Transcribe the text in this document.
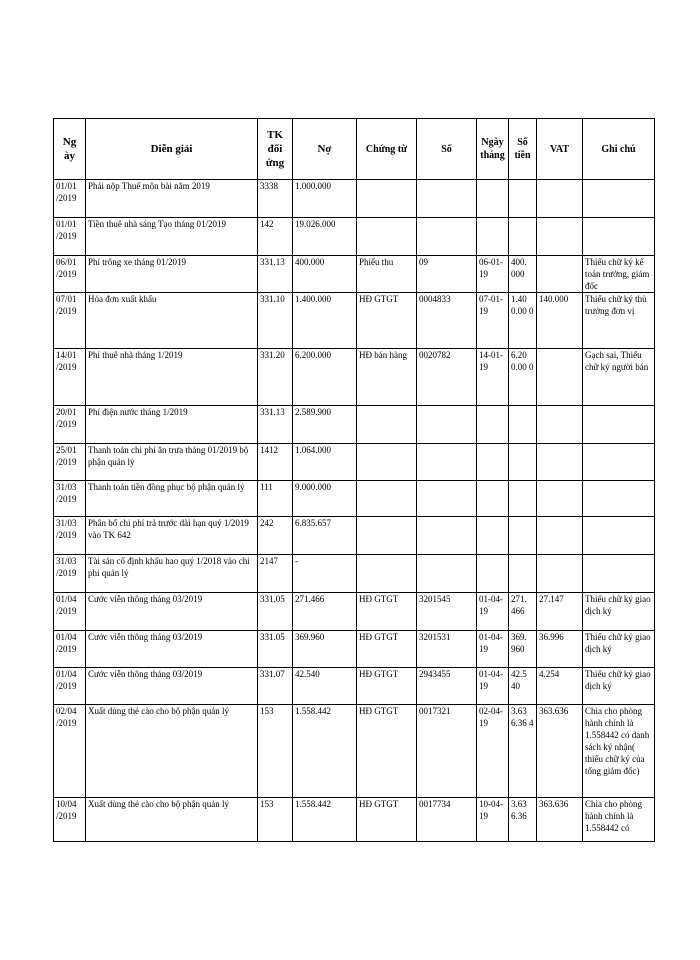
Ng ày	Diễn giải	TK đối ứng	Nợ	Chứng từ	Số	Ngày tháng	Số tiền	VAT	Ghi chú
01/01 /2019	Phải nộp Thuế môn bài năm 2019	3338	1.000.000						
01/01 /2019	Tiền thuê nhà sáng Tạo tháng 01/2019	142	19.026.000						
06/01 /2019	Phí trông xe tháng 01/2019	331.13	400.000	Phiếu thu	09	06-01-19	400. 000		Thiếu chữ ký kế toán trưởng, giám đốc
07/01 /2019	Hóa đơn xuất khẩu	331.10	1.400.000	HĐ GTGT	0004833	07-01-19	1.40 0.00 0	140.000	Thiếu chữ ký thủ trưởng đơn vị
14/01 /2019	Phí thuê nhà tháng 1/2019	331.20	6.200.000	HĐ bán hàng	0020782	14-01-19	6.20 0.00 0		Gạch sai, Thiếu chữ ký người bán
20/01 /2019	Phí điện nước tháng 1/2019	331.13	2.589.900						
25/01 /2019	Thanh toán chi phí ăn trưa tháng 01/2019 bộ phận quản lý	1412	1.064.000						
31/03 /2019	Thanh toán tiền đồng phục bộ phận quản lý	111	9.000.000						
31/03 /2019	Phân bổ chi phí trả trước dài hạn quý 1/2019 vào TK 642	242	6.835.657						
31/03 /2019	Tài sản cố định khấu hao quý 1/2018 vào chi phí quản lý	2147	-						
01/04 /2019	Cước viễn thông tháng 03/2019	331.05	271.466	HĐ GTGT	3201545	01-04-19	271. 466	27.147	Thiếu chữ ký giao dịch ký
01/04 /2019	Cước viễn thông tháng 03/2019	331.05	369.960	HĐ GTGT	3201531	01-04-19	369. 960	36.996	Thiếu chữ ký giao dịch ký
01/04 /2019	Cước viễn thông tháng 03/2019	331.07	42.540	HĐ GTGT	2943455	01-04-19	42.5 40	4.254	Thiếu chữ ký giao dịch ký
02/04 /2019	Xuất dùng thẻ cào cho bộ phận quản lý	153	1.558.442	HĐ GTGT	0017321	02-04-19	3.63 6.36 4	363.636	Chia cho phòng hành chính là 1.558442 có danh sách ký nhận( thiếu chữ ký của tổng giám đốc)
10/04 /2019	Xuất dùng thẻ cào cho bộ phận quản lý	153	1.558.442	HĐ GTGT	0017734	10-04-19	3.63 6.36	363.636	Chia cho phòng hành chính là 1.558442 có
